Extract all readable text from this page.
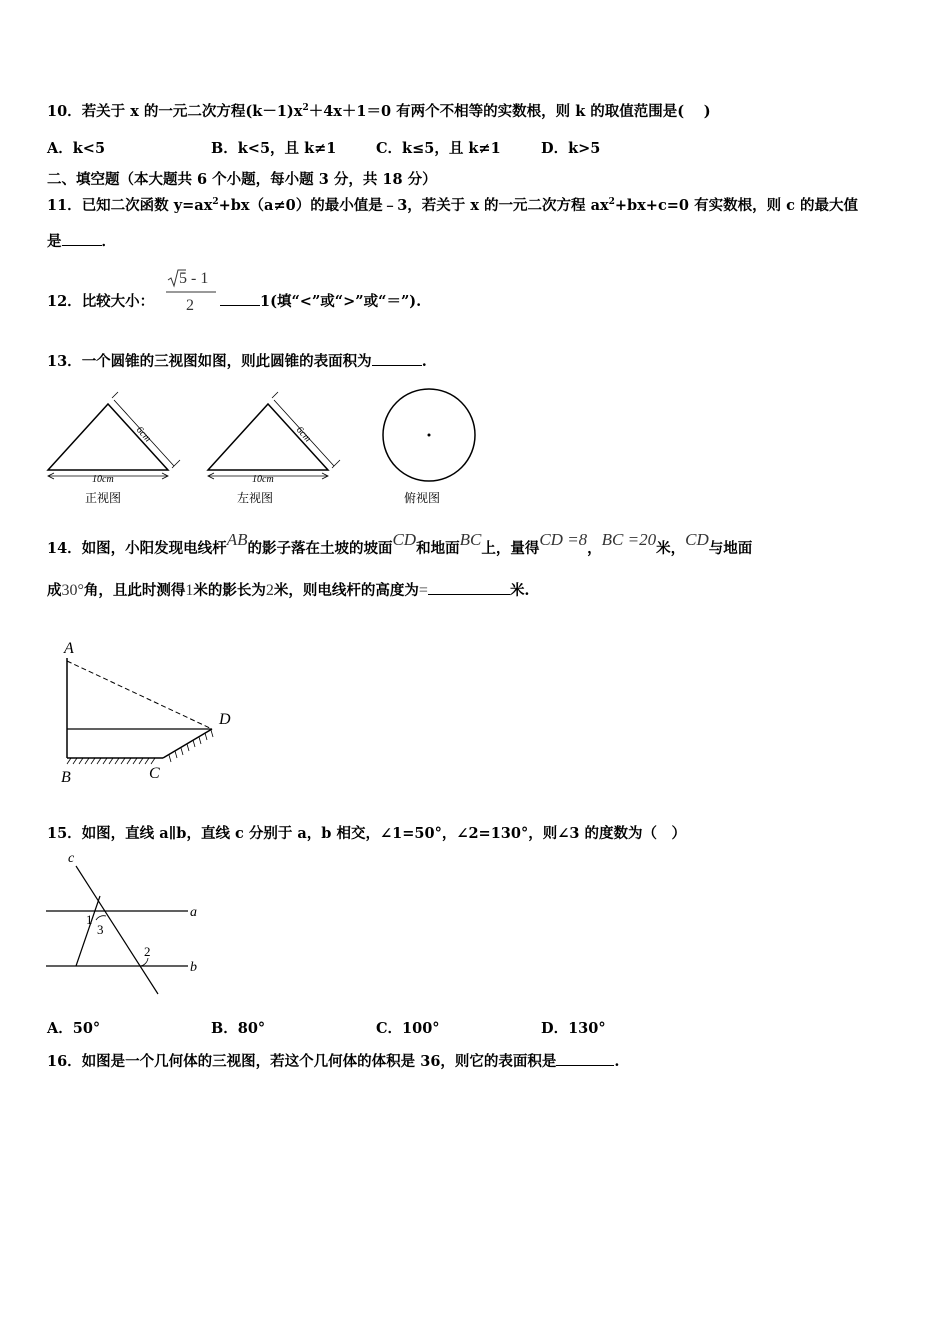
10．若关于 x 的一元二次方程$(k-1)x^2+4x+1=0$ 有两个不相等的实数根，则 k 的取值范围是(　 )
A．k<5	B．k<5，且 k≠1	C．k≤5，且 k≠1	D．k>5
二、填空题（本大题共 6 个小题，每小题 3 分，共 18 分）
11．已知二次函数 $y=ax^2+bx(a\ne 0)$的最小值是﹣3，若关于 x 的一元二次方程 $ax^2+bx+c=0$ 有实数根，则 c 的最大值
是	．
12．比较大小：
5 - 1
2	1(填“<”或“>”或“＝”).
13．一个圆锥的三视图如图，则此圆锥的表面积为	.
6cm
10cm
6cm
10cm
正视图	左视图	俯视图
14．如图，小阳发现电线杆AB的影子落在土坡的坡面CD和地面BC上，量得CD =8，BC =20米，CD与地面
成30°角，且此时测得1米的影长为2米，则电线杆的高度为=	米.
A
B	C
D
15．如图，直线 a∥b，直线 c 分别于 a，b 相交，∠1=50°，∠2=130°，则∠3 的度数为（　）
c
a
b
1
3
2
A．50°	B．80°	C．100°	D．130°
16．如图是一个几何体的三视图，若这个几何体的体积是 36，则它的表面积是	.
